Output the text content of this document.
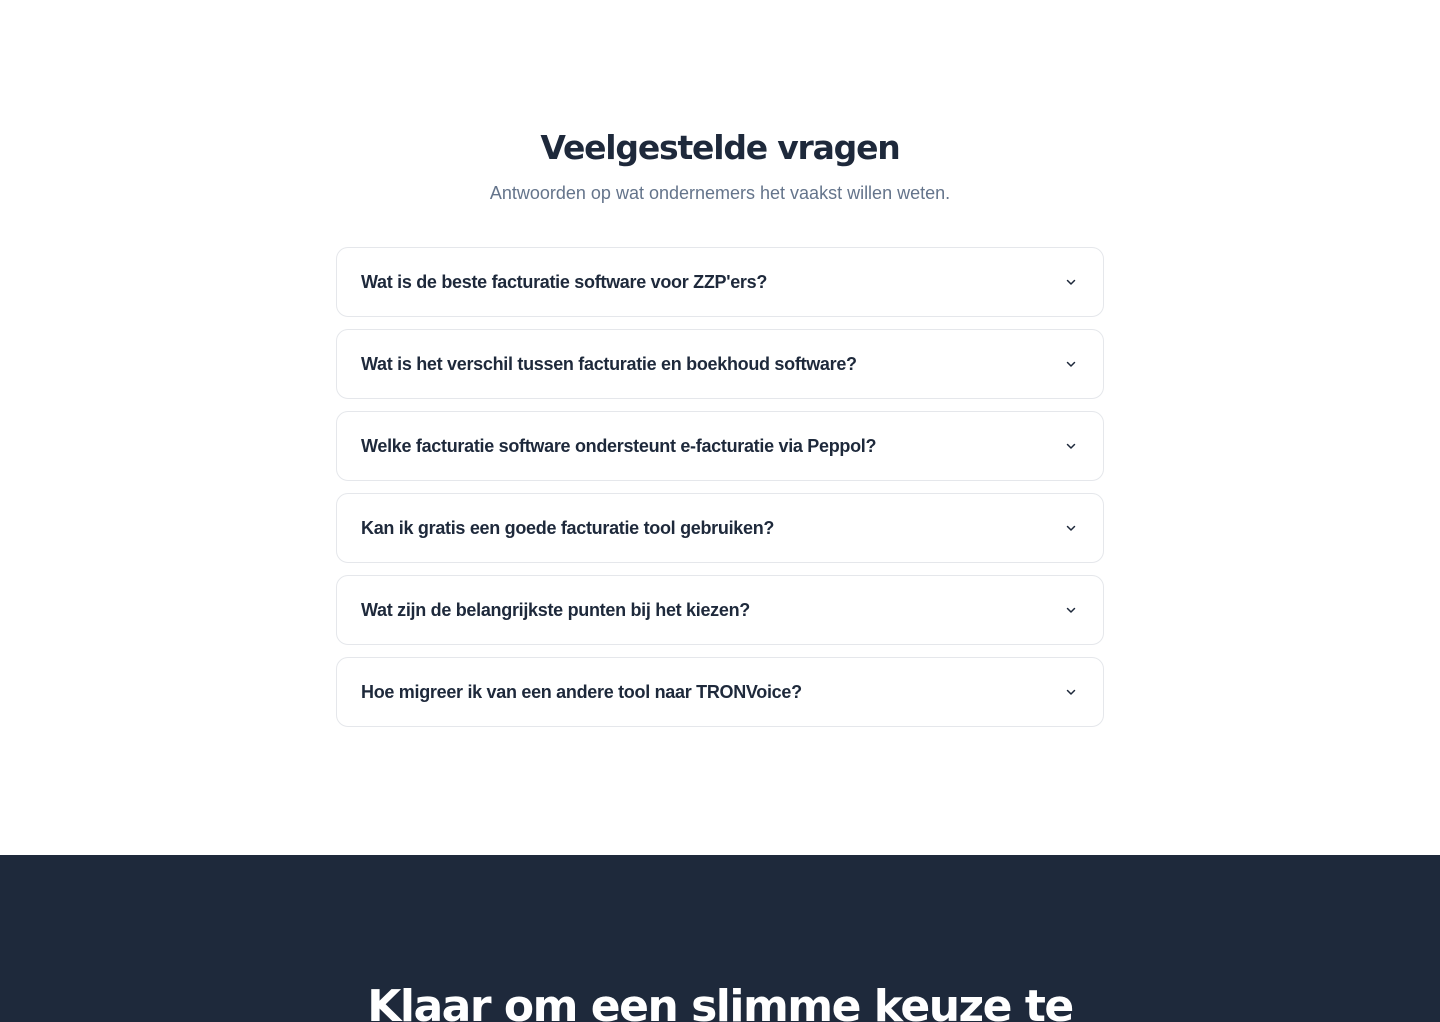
Veelgestelde vragen

Antwoorden op wat ondernemers het vaakst willen weten.

Wat is de beste facturatie software voor ZZP'ers?
Wat is het verschil tussen facturatie en boekhoud software?
Welke facturatie software ondersteunt e-facturatie via Peppol?
Kan ik gratis een goede facturatie tool gebruiken?
Wat zijn de belangrijkste punten bij het kiezen?
Hoe migreer ik van een andere tool naar TRONVoice?
Klaar om een slimme keuze te
